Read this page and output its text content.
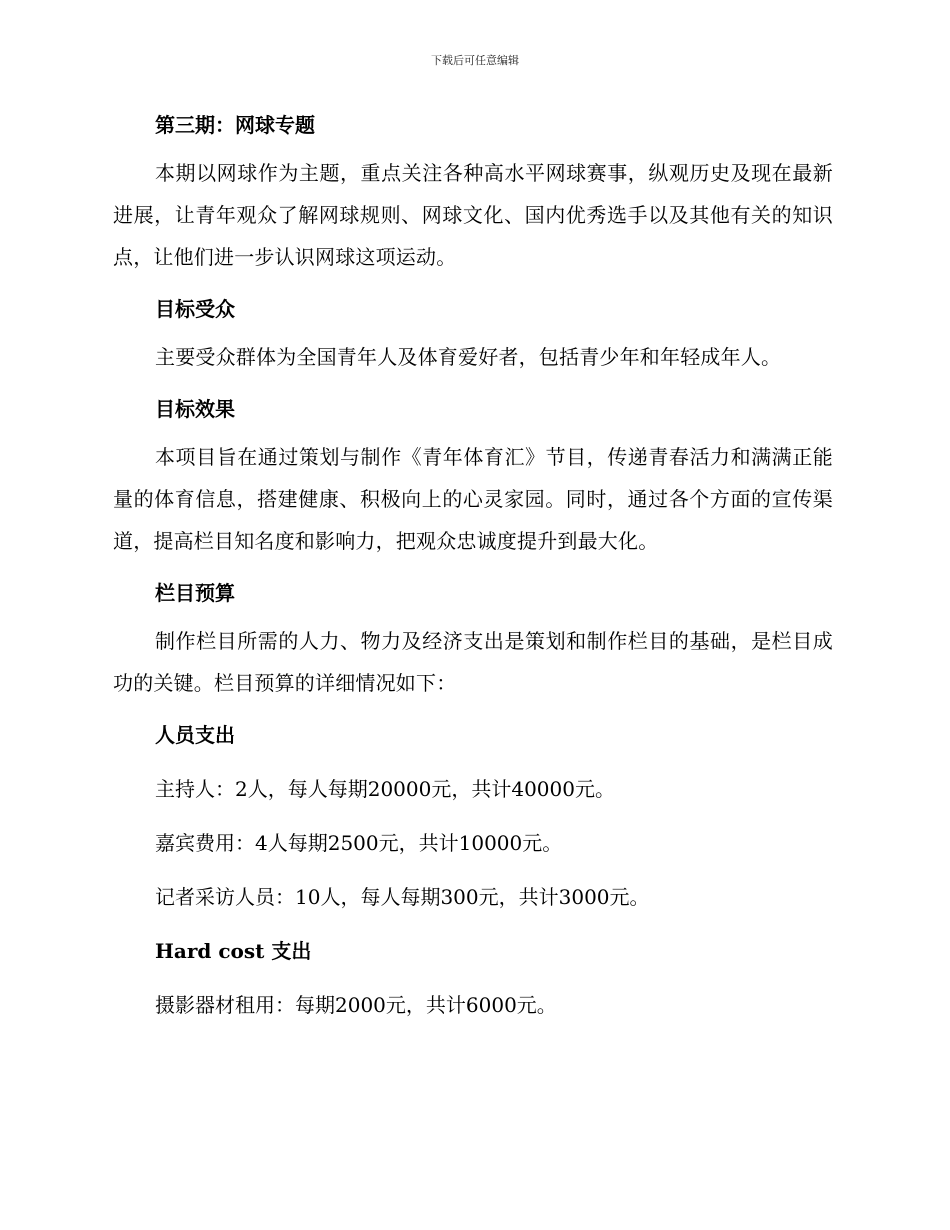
下载后可任意编辑

第三期：网球专题

本期以网球作为主题，重点关注各种高水平网球赛事，纵观历史及现在最新进展，让青年观众了解网球规则、网球文化、国内优秀选手以及其他有关的知识点，让他们进一步认识网球这项运动。

目标受众

主要受众群体为全国青年人及体育爱好者，包括青少年和年轻成年人。

目标效果

本项目旨在通过策划与制作《青年体育汇》节目，传递青春活力和满满正能量的体育信息，搭建健康、积极向上的心灵家园。同时，通过各个方面的宣传渠道，提高栏目知名度和影响力，把观众忠诚度提升到最大化。

栏目预算

制作栏目所需的人力、物力及经济支出是策划和制作栏目的基础，是栏目成功的关键。栏目预算的详细情况如下：

人员支出

主持人：2人，每人每期20000元，共计40000元。

嘉宾费用：4人每期2500元，共计10000元。

记者采访人员：10人，每人每期300元，共计3000元。

Hard cost 支出

摄影器材租用：每期2000元，共计6000元。
